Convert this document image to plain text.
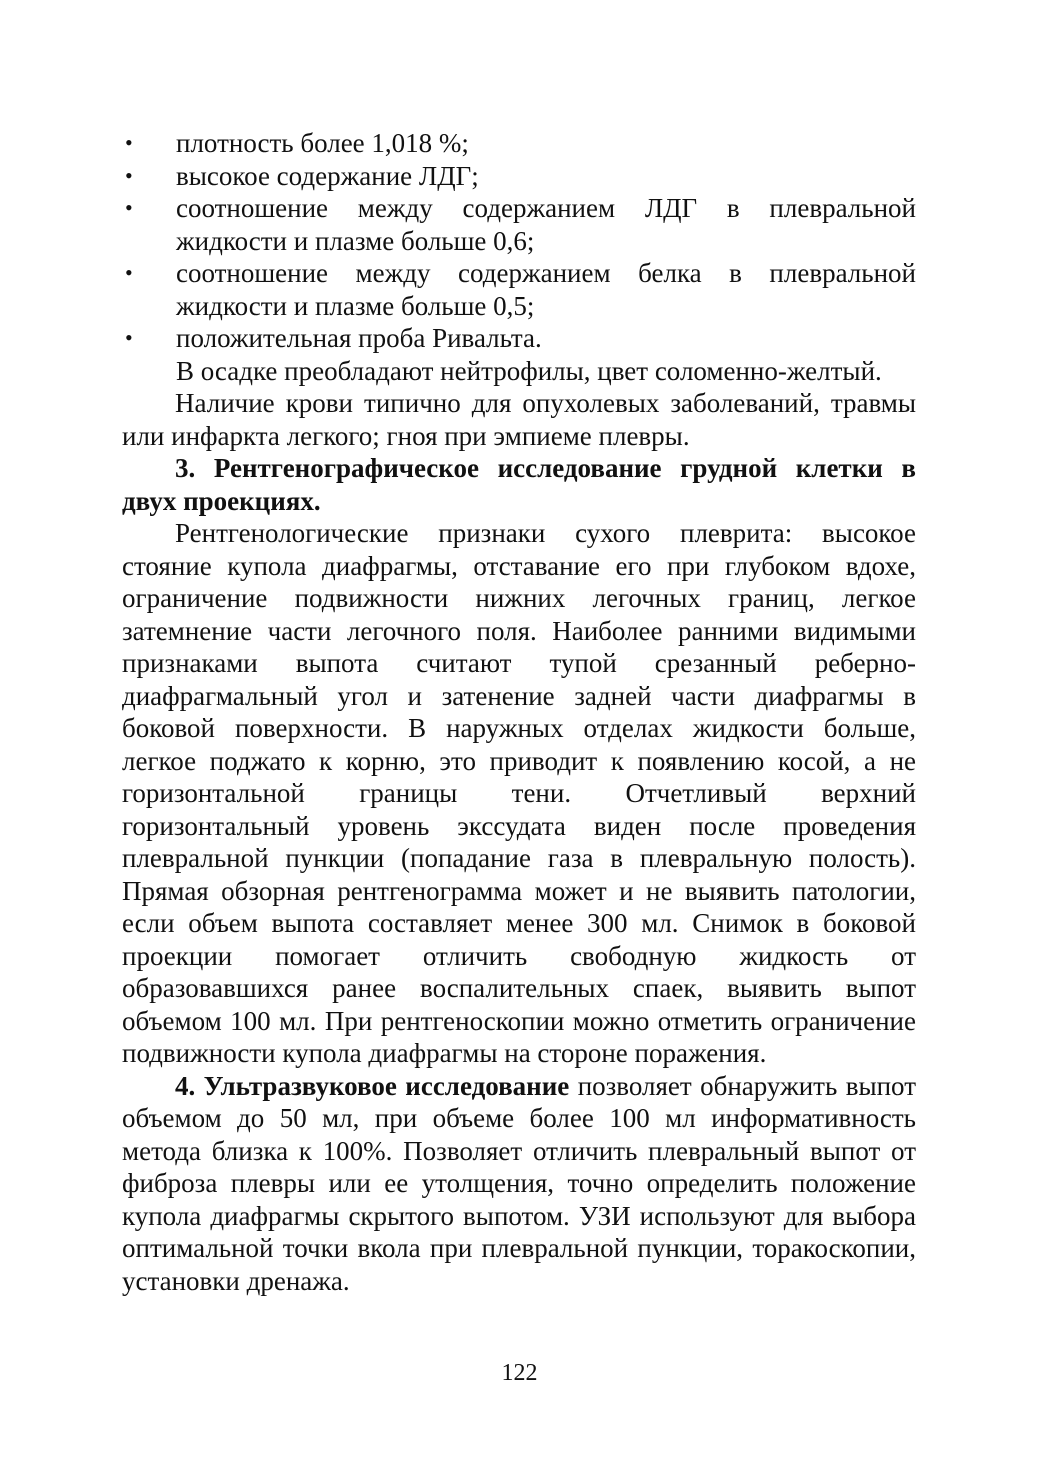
• плотность более 1,018 %;
• высокое содержание ЛДГ;
• соотношение между содержанием ЛДГ в плевральной жидкости и плазме больше 0,6;
• соотношение между содержанием белка в плевральной жидкости и плазме больше 0,5;
• положительная проба Ривальта.

В осадке преобладают нейтрофилы, цвет соломенно-желтый.

Наличие крови типично для опухолевых заболеваний, травмы или инфаркта легкого; гноя при эмпиеме плевры.

3. Рентгенографическое исследование грудной клетки в двух проекциях.

Рентгенологические признаки сухого плеврита: высокое стояние купола диафрагмы, отставание его при глубоком вдохе, ограничение подвижности нижних легочных границ, легкое затемнение части легочного поля. Наиболее ранними видимыми признаками выпота считают тупой срезанный реберно-диафрагмальный угол и затенение задней части диафрагмы в боковой поверхности. В наружных отделах жидкости больше, легкое поджато к корню, это приводит к появлению косой, а не горизонтальной границы тени. Отчетливый верхний горизонтальный уровень экссудата виден после проведения плевральной пункции (попадание газа в плевральную полость). Прямая обзорная рентгенограмма может и не выявить патологии, если объем выпота составляет менее 300 мл. Снимок в боковой проекции помогает отличить свободную жидкость от образовавшихся ранее воспалительных спаек, выявить выпот объемом 100 мл. При рентгеноскопии можно отметить ограничение подвижности купола диафрагмы на стороне поражения.

4. Ультразвуковое исследование позволяет обнаружить выпот объемом до 50 мл, при объеме более 100 мл информативность метода близка к 100%. Позволяет отличить плевральный выпот от фиброза плевры или ее утолщения, точно определить положение купола диафрагмы скрытого выпотом. УЗИ используют для выбора оптимальной точки вкола при плевральной пункции, торакоскопии, установки дренажа.

122
